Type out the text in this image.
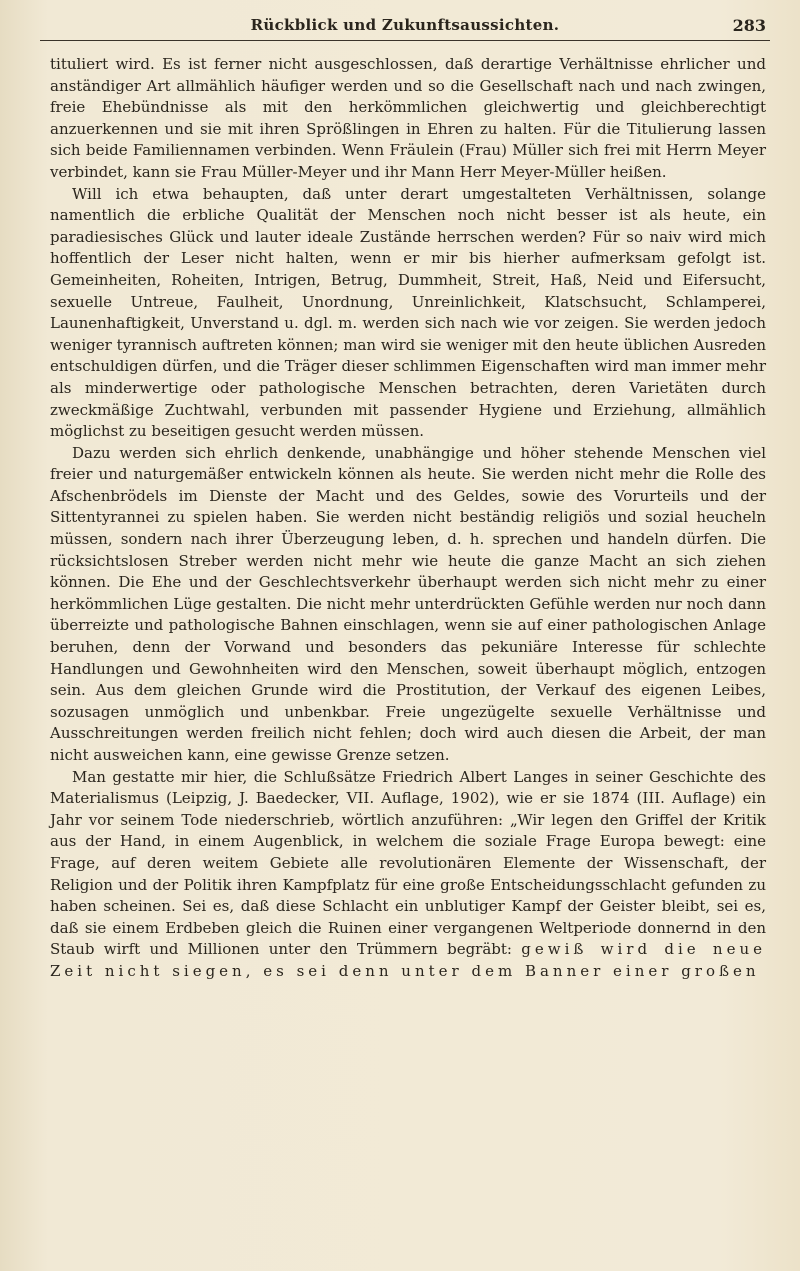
Rückblick und Zukunftsaussichten.	283

tituliert wird. Es ist ferner nicht ausgeschlossen, daß derartige Verhältnisse ehrlicher und anständiger Art allmählich häufiger werden und so die Gesellschaft nach und nach zwingen, freie Ehebündnisse als mit den herkömmlichen gleichwertig und gleichberechtigt anzuerkennen und sie mit ihren Sprößlingen in Ehren zu halten. Für die Titulierung lassen sich beide Familiennamen verbinden. Wenn Fräulein (Frau) Müller sich frei mit Herrn Meyer verbindet, kann sie Frau Müller-Meyer und ihr Mann Herr Meyer-Müller heißen.

Will ich etwa behaupten, daß unter derart umgestalteten Verhältnissen, solange namentlich die erbliche Qualität der Menschen noch nicht besser ist als heute, ein paradiesisches Glück und lauter ideale Zustände herrschen werden? Für so naiv wird mich hoffentlich der Leser nicht halten, wenn er mir bis hierher aufmerksam gefolgt ist. Gemeinheiten, Roheiten, Intrigen, Betrug, Dummheit, Streit, Haß, Neid und Eifersucht, sexuelle Untreue, Faulheit, Unordnung, Unreinlichkeit, Klatschsucht, Schlamperei, Launenhaftigkeit, Unverstand u. dgl. m. werden sich nach wie vor zeigen. Sie werden jedoch weniger tyrannisch auftreten können; man wird sie weniger mit den heute üblichen Ausreden entschuldigen dürfen, und die Träger dieser schlimmen Eigenschaften wird man immer mehr als minderwertige oder pathologische Menschen betrachten, deren Varietäten durch zweckmäßige Zuchtwahl, verbunden mit passender Hygiene und Erziehung, allmählich möglichst zu beseitigen gesucht werden müssen.

Dazu werden sich ehrlich denkende, unabhängige und höher stehende Menschen viel freier und naturgemäßer entwickeln können als heute. Sie werden nicht mehr die Rolle des Afschenbrödels im Dienste der Macht und des Geldes, sowie des Vorurteils und der Sittentyrannei zu spielen haben. Sie werden nicht beständig religiös und sozial heucheln müssen, sondern nach ihrer Überzeugung leben, d. h. sprechen und handeln dürfen. Die rücksichtslosen Streber werden nicht mehr wie heute die ganze Macht an sich ziehen können. Die Ehe und der Geschlechtsverkehr überhaupt werden sich nicht mehr zu einer herkömmlichen Lüge gestalten. Die nicht mehr unterdrückten Gefühle werden nur noch dann überreizte und pathologische Bahnen einschlagen, wenn sie auf einer pathologischen Anlage beruhen, denn der Vorwand und besonders das pekuniäre Interesse für schlechte Handlungen und Gewohnheiten wird den Menschen, soweit überhaupt möglich, entzogen sein. Aus dem gleichen Grunde wird die Prostitution, der Verkauf des eigenen Leibes, sozusagen unmöglich und unbenkbar. Freie ungezügelte sexuelle Verhältnisse und Ausschreitungen werden freilich nicht fehlen; doch wird auch diesen die Arbeit, der man nicht ausweichen kann, eine gewisse Grenze setzen.

Man gestatte mir hier, die Schlußsätze Friedrich Albert Langes in seiner Geschichte des Materialismus (Leipzig, J. Baedecker, VII. Auflage, 1902), wie er sie 1874 (III. Auflage) ein Jahr vor seinem Tode niederschrieb, wörtlich anzuführen: „Wir legen den Griffel der Kritik aus der Hand, in einem Augenblick, in welchem die soziale Frage Europa bewegt: eine Frage, auf deren weitem Gebiete alle revolutionären Elemente der Wissenschaft, der Religion und der Politik ihren Kampfplatz für eine große Entscheidungsschlacht gefunden zu haben scheinen. Sei es, daß diese Schlacht ein unblutiger Kampf der Geister bleibt, sei es, daß sie einem Erdbeben gleich die Ruinen einer vergangenen Weltperiode donnernd in den Staub wirft und Millionen unter den Trümmern begräbt: gewiß wird die neue Zeit nicht siegen, es sei denn unter dem Banner einer großen
